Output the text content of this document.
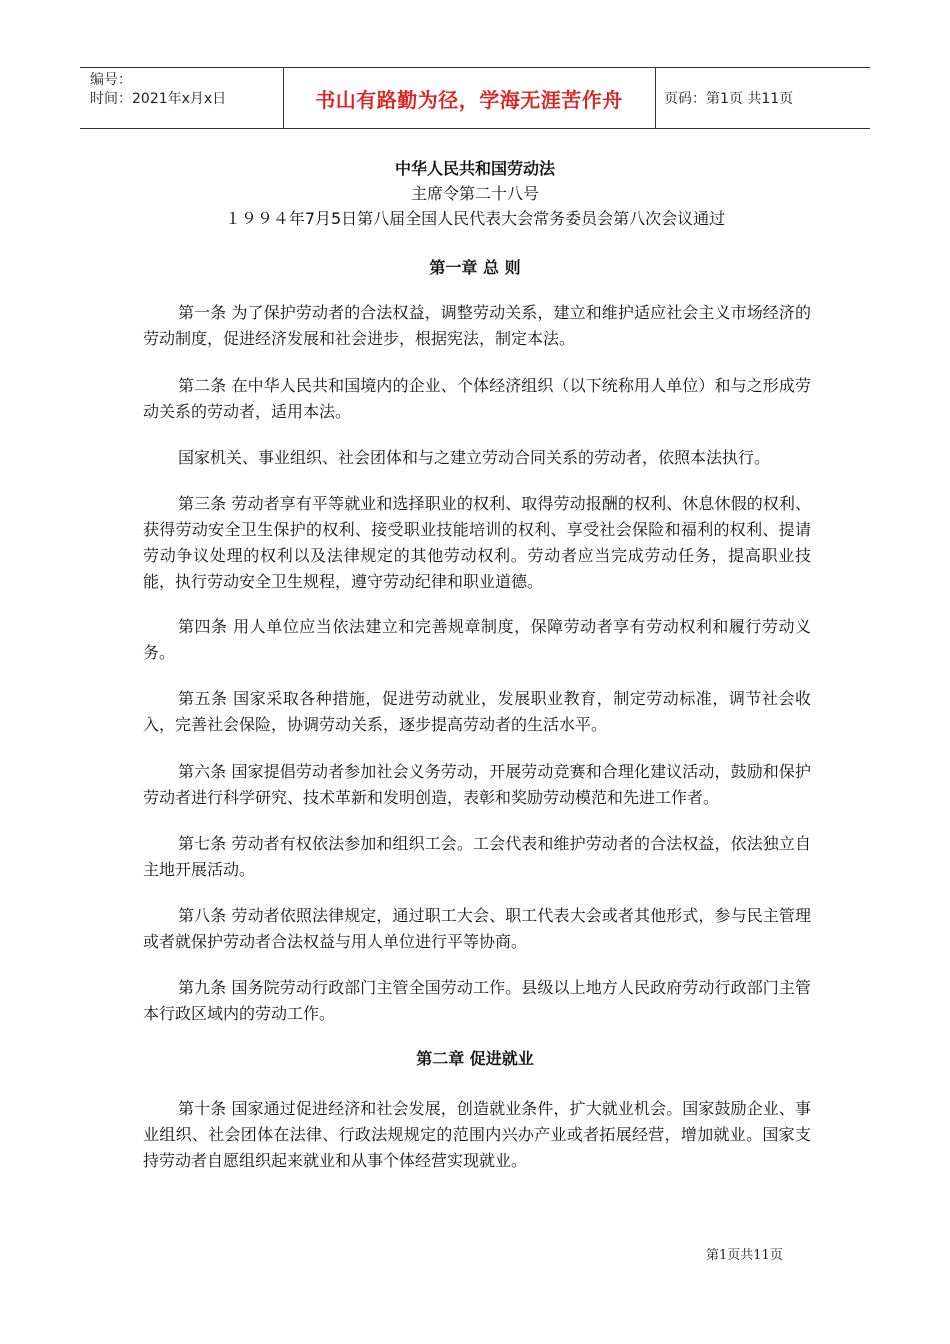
编号：
时间：2021年x月x日	书山有路勤为径，学海无涯苦作舟	页码：第1页 共11页
中华人民共和国劳动法
主席令第二十八号
１９９４年7月5日第八届全国人民代表大会常务委员会第八次会议通过
第一章 总 则

第一条 为了保护劳动者的合法权益，调整劳动关系，建立和维护适应社会主义市场经济的劳动制度，促进经济发展和社会进步，根据宪法，制定本法。

第二条 在中华人民共和国境内的企业、个体经济组织（以下统称用人单位）和与之形成劳动关系的劳动者，适用本法。

国家机关、事业组织、社会团体和与之建立劳动合同关系的劳动者，依照本法执行。

第三条 劳动者享有平等就业和选择职业的权利、取得劳动报酬的权利、休息休假的权利、获得劳动安全卫生保护的权利、接受职业技能培训的权利、享受社会保险和福利的权利、提请劳动争议处理的权利以及法律规定的其他劳动权利。劳动者应当完成劳动任务，提高职业技能，执行劳动安全卫生规程，遵守劳动纪律和职业道德。

第四条 用人单位应当依法建立和完善规章制度，保障劳动者享有劳动权利和履行劳动义务。

第五条 国家采取各种措施，促进劳动就业，发展职业教育，制定劳动标准，调节社会收入，完善社会保险，协调劳动关系，逐步提高劳动者的生活水平。

第六条 国家提倡劳动者参加社会义务劳动，开展劳动竞赛和合理化建议活动，鼓励和保护劳动者进行科学研究、技术革新和发明创造，表彰和奖励劳动模范和先进工作者。

第七条 劳动者有权依法参加和组织工会。工会代表和维护劳动者的合法权益，依法独立自主地开展活动。

第八条 劳动者依照法律规定，通过职工大会、职工代表大会或者其他形式，参与民主管理或者就保护劳动者合法权益与用人单位进行平等协商。

第九条 国务院劳动行政部门主管全国劳动工作。县级以上地方人民政府劳动行政部门主管本行政区域内的劳动工作。

第二章 促进就业

第十条 国家通过促进经济和社会发展，创造就业条件，扩大就业机会。国家鼓励企业、事业组织、社会团体在法律、行政法规规定的范围内兴办产业或者拓展经营，增加就业。国家支持劳动者自愿组织起来就业和从事个体经营实现就业。

第1页共11页
